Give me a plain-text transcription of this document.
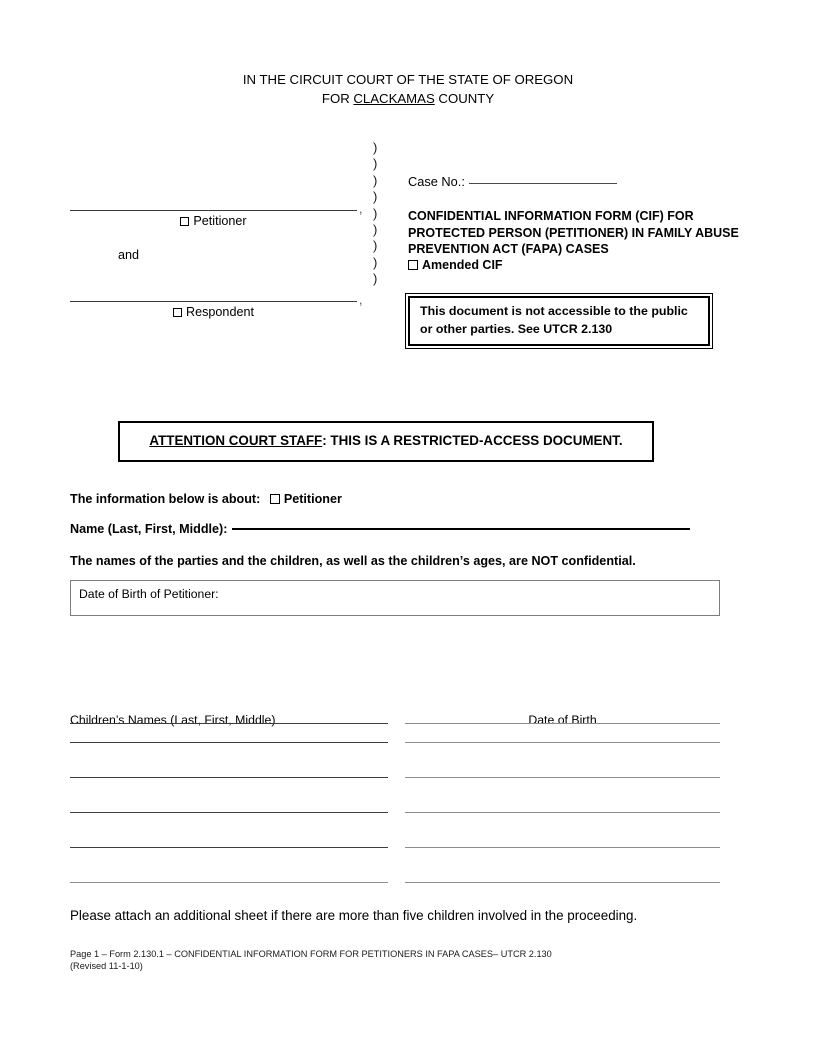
IN THE CIRCUIT COURT OF THE STATE OF OREGON
FOR CLACKAMAS COUNTY
,
Petitioner
and
,
Respondent
)
)
)
)
)
)
)
)
)
Case No.:
CONFIDENTIAL INFORMATION FORM (CIF) FOR PROTECTED PERSON (PETITIONER) IN FAMILY ABUSE PREVENTION ACT (FAPA) CASES
Amended CIF
This document is not accessible to the public
or other parties. See UTCR 2.130
ATTENTION COURT STAFF: THIS IS A RESTRICTED-ACCESS DOCUMENT.
The information below is about: Petitioner
Name (Last, First, Middle):
The names of the parties and the children, as well as the children’s ages, are NOT confidential.
Date of Birth of Petitioner:
Children’s Names (Last, First, Middle)	Date of Birth
Please attach an additional sheet if there are more than five children involved in the proceeding.
Page 1 – Form 2.130.1 – CONFIDENTIAL INFORMATION FORM FOR PETITIONERS IN FAPA CASES– UTCR 2.130
(Revised 11-1-10)
